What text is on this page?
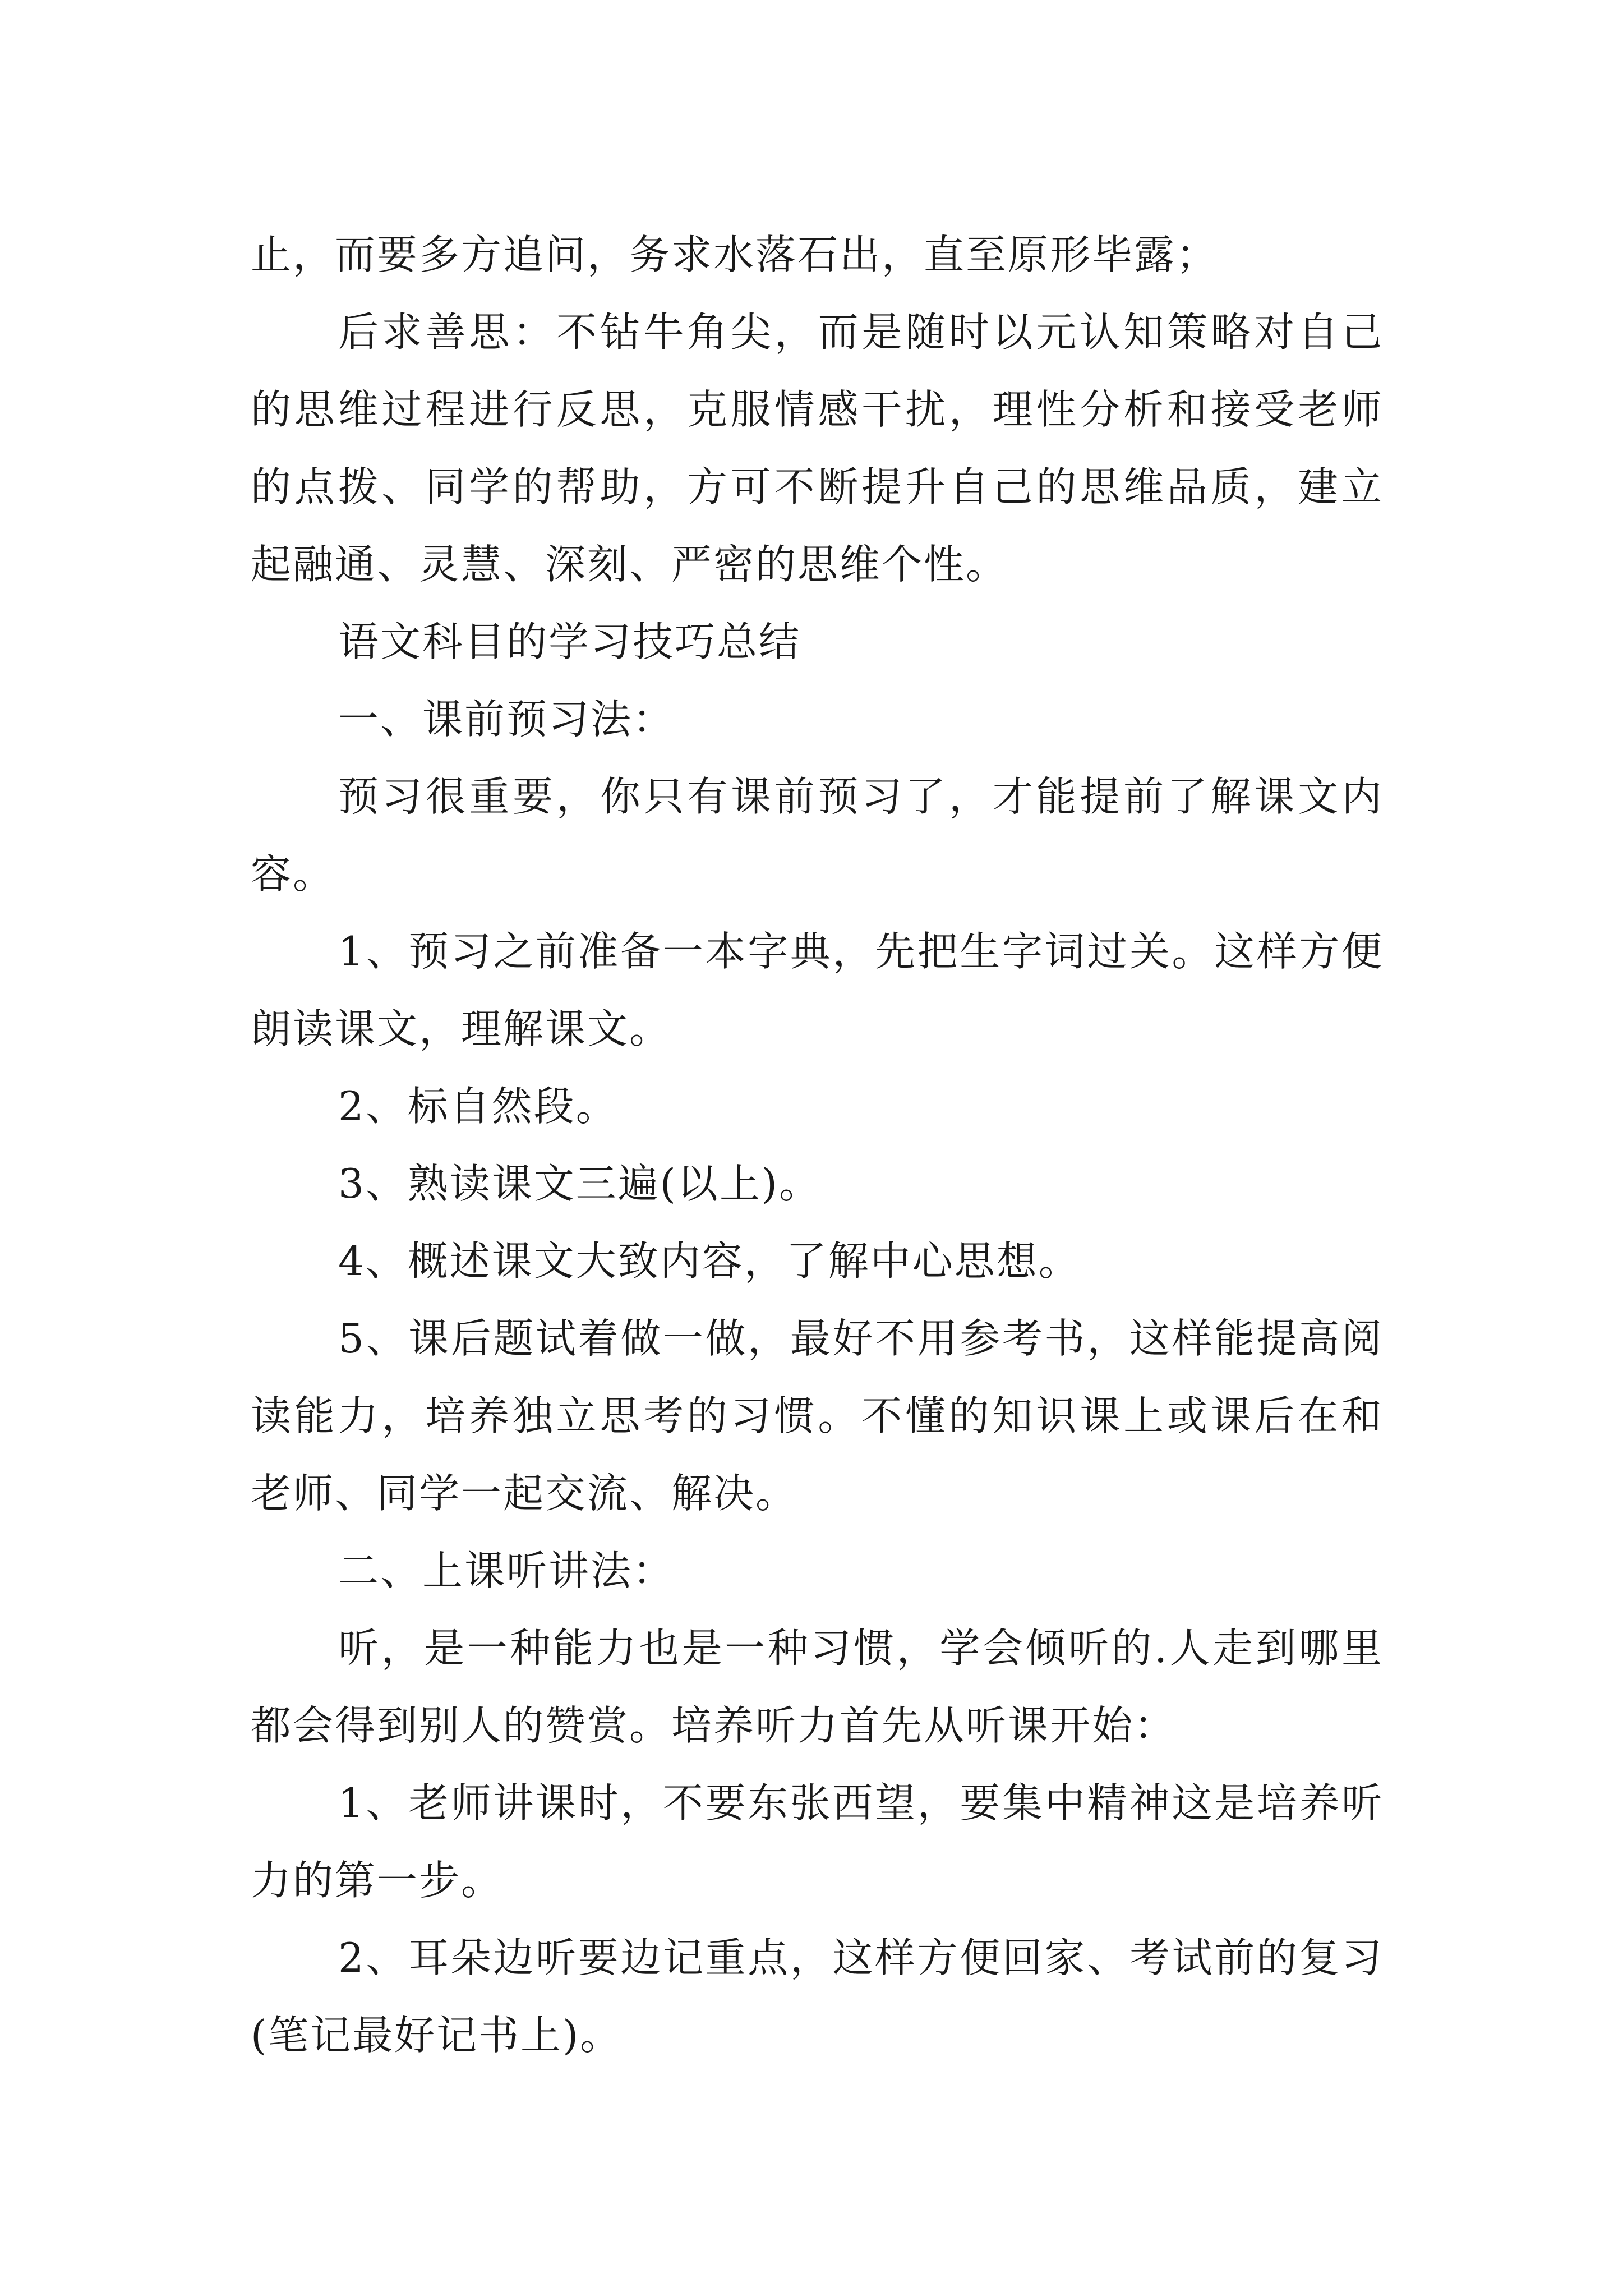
止，而要多方追问，务求水落石出，直至原形毕露；

后求善思：不钻牛角尖，而是随时以元认知策略对自己的思维过程进行反思，克服情感干扰，理性分析和接受老师的点拨、同学的帮助，方可不断提升自己的思维品质，建立起融通、灵慧、深刻、严密的思维个性。

语文科目的学习技巧总结

一、课前预习法：

预习很重要，你只有课前预习了，才能提前了解课文内容。

1、预习之前准备一本字典，先把生字词过关。这样方便朗读课文，理解课文。

2、标自然段。

3、熟读课文三遍(以上)。

4、概述课文大致内容，了解中心思想。

5、课后题试着做一做，最好不用参考书，这样能提高阅读能力，培养独立思考的习惯。不懂的知识课上或课后在和老师、同学一起交流、解决。

二、上课听讲法：

听，是一种能力也是一种习惯，学会倾听的.人走到哪里都会得到别人的赞赏。培养听力首先从听课开始：

1、老师讲课时，不要东张西望，要集中精神这是培养听力的第一步。

2、耳朵边听要边记重点，这样方便回家、考试前的复习(笔记最好记书上)。
